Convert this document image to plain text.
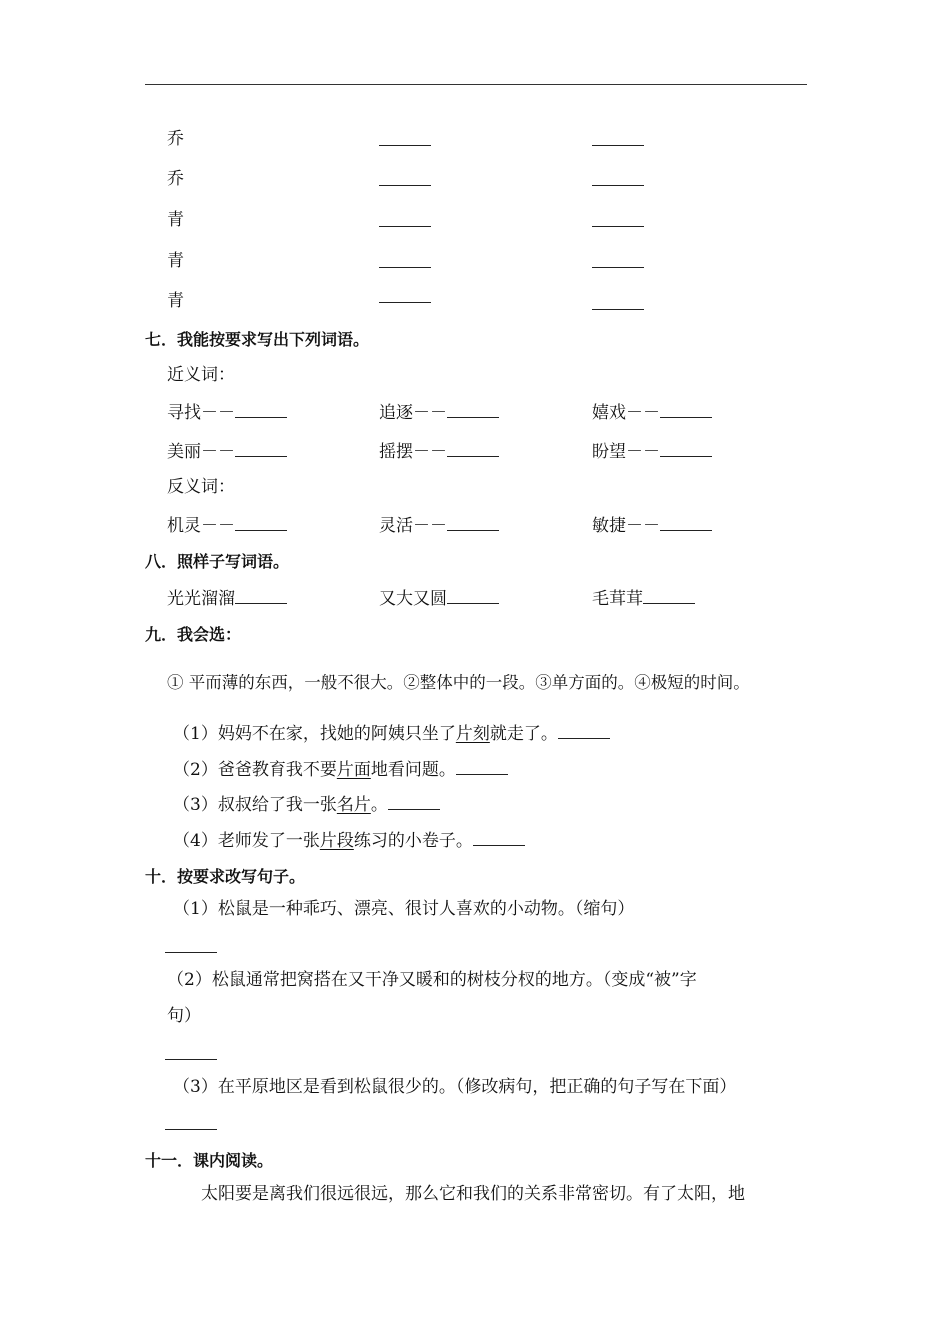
乔
乔
青
青
青
七．我能按要求写出下列词语。
近义词：
寻找－－	追逐－－	嬉戏－－
美丽－－	摇摆－－	盼望－－
反义词：
机灵－－	灵活－－	敏捷－－
八．照样子写词语。
光光溜溜	又大又圆	毛茸茸
九．我会选：
① 平而薄的东西，一般不很大。②整体中的一段。③单方面的。④极短的时间。
（1）妈妈不在家，找她的阿姨只坐了片刻就走了。
（2）爸爸教育我不要片面地看问题。
（3）叔叔给了我一张名片。
（4）老师发了一张片段练习的小卷子。
十．按要求改写句子。
（1）松鼠是一种乖巧、漂亮、很讨人喜欢的小动物。（缩句）
（2）松鼠通常把窝搭在又干净又暖和的树枝分杈的地方。（变成“被”字
句）
（3）在平原地区是看到松鼠很少的。（修改病句，把正确的句子写在下面）
十一．课内阅读。
太阳要是离我们很远很远，那么它和我们的关系非常密切。有了太阳，地
